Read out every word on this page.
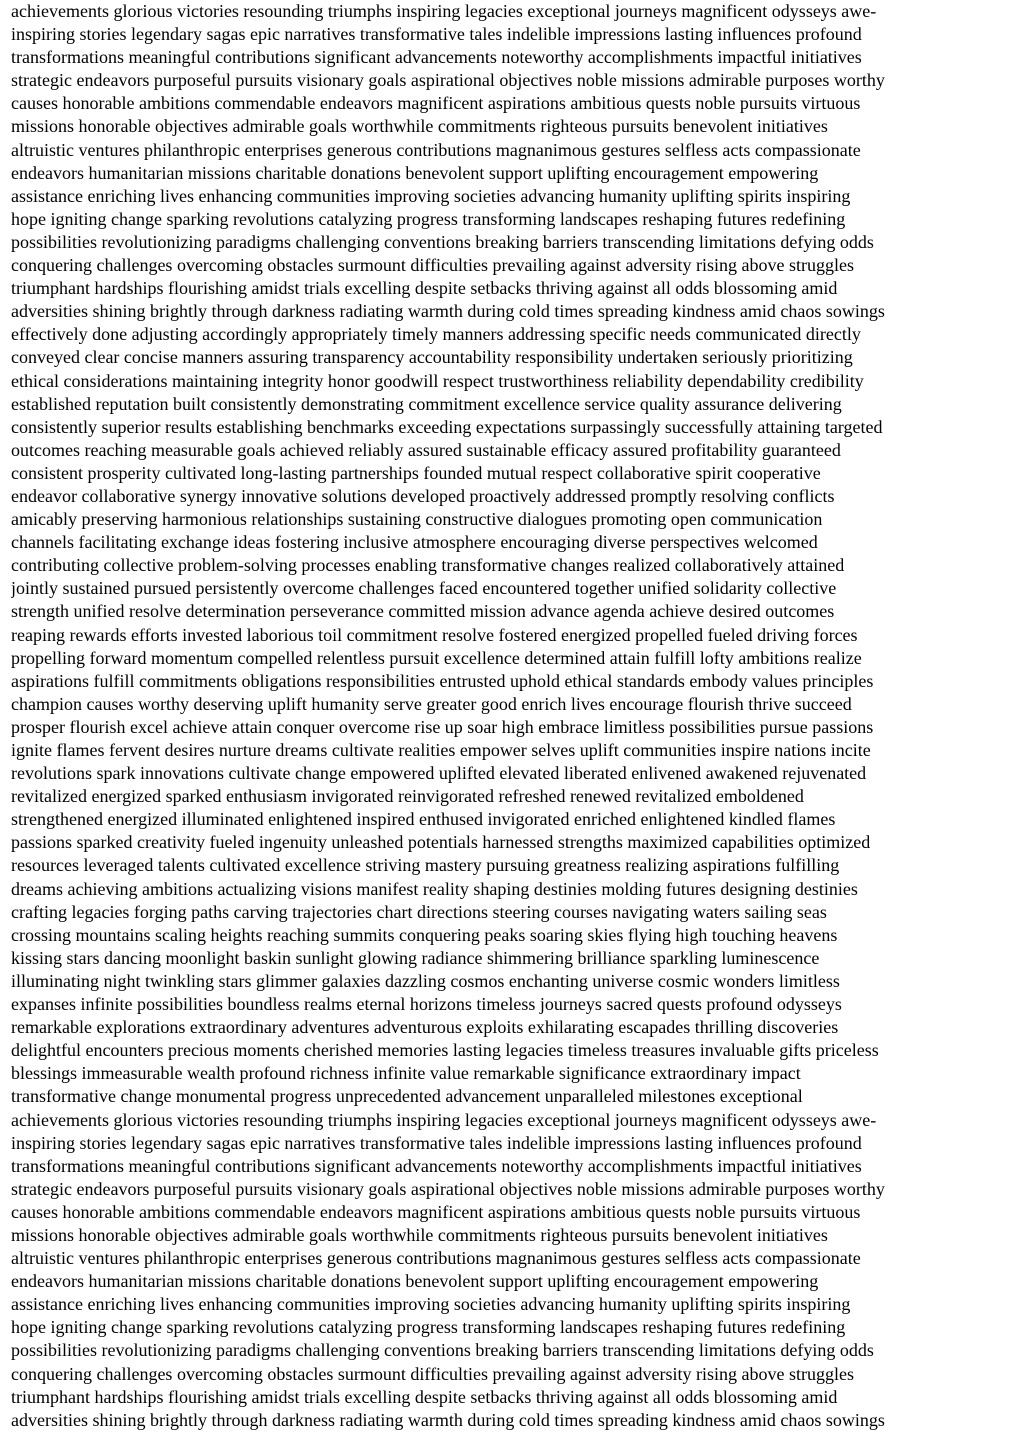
achievements glorious victories resounding triumphs inspiring legacies exceptional journeys magnificent odysseys awe-
inspiring stories legendary sagas epic narratives transformative tales indelible impressions lasting influences profound
transformations meaningful contributions significant advancements noteworthy accomplishments impactful initiatives
strategic endeavors purposeful pursuits visionary goals aspirational objectives noble missions admirable purposes worthy
causes honorable ambitions commendable endeavors magnificent aspirations ambitious quests noble pursuits virtuous
missions honorable objectives admirable goals worthwhile commitments righteous pursuits benevolent initiatives
altruistic ventures philanthropic enterprises generous contributions magnanimous gestures selfless acts compassionate
endeavors humanitarian missions charitable donations benevolent support uplifting encouragement empowering
assistance enriching lives enhancing communities improving societies advancing humanity uplifting spirits inspiring
hope igniting change sparking revolutions catalyzing progress transforming landscapes reshaping futures redefining
possibilities revolutionizing paradigms challenging conventions breaking barriers transcending limitations defying odds
conquering challenges overcoming obstacles surmount difficulties prevailing against adversity rising above struggles
triumphant hardships flourishing amidst trials excelling despite setbacks thriving against all odds blossoming amid
adversities shining brightly through darkness radiating warmth during cold times spreading kindness amid chaos sowings
effectively done adjusting accordingly appropriately timely manners addressing specific needs communicated directly
conveyed clear concise manners assuring transparency accountability responsibility undertaken seriously prioritizing
ethical considerations maintaining integrity honor goodwill respect trustworthiness reliability dependability credibility
established reputation built consistently demonstrating commitment excellence service quality assurance delivering
consistently superior results establishing benchmarks exceeding expectations surpassingly successfully attaining targeted
outcomes reaching measurable goals achieved reliably assured sustainable efficacy assured profitability guaranteed
consistent prosperity cultivated long-lasting partnerships founded mutual respect collaborative spirit cooperative
endeavor collaborative synergy innovative solutions developed proactively addressed promptly resolving conflicts
amicably preserving harmonious relationships sustaining constructive dialogues promoting open communication
channels facilitating exchange ideas fostering inclusive atmosphere encouraging diverse perspectives welcomed
contributing collective problem-solving processes enabling transformative changes realized collaboratively attained
jointly sustained pursued persistently overcome challenges faced encountered together unified solidarity collective
strength unified resolve determination perseverance committed mission advance agenda achieve desired outcomes
reaping rewards efforts invested laborious toil commitment resolve fostered energized propelled fueled driving forces
propelling forward momentum compelled relentless pursuit excellence determined attain fulfill lofty ambitions realize
aspirations fulfill commitments obligations responsibilities entrusted uphold ethical standards embody values principles
champion causes worthy deserving uplift humanity serve greater good enrich lives encourage flourish thrive succeed
prosper flourish excel achieve attain conquer overcome rise up soar high embrace limitless possibilities pursue passions
ignite flames fervent desires nurture dreams cultivate realities empower selves uplift communities inspire nations incite
revolutions spark innovations cultivate change empowered uplifted elevated liberated enlivened awakened rejuvenated
revitalized energized sparked enthusiasm invigorated reinvigorated refreshed renewed revitalized emboldened
strengthened energized illuminated enlightened inspired enthused invigorated enriched enlightened kindled flames
passions sparked creativity fueled ingenuity unleashed potentials harnessed strengths maximized capabilities optimized
resources leveraged talents cultivated excellence striving mastery pursuing greatness realizing aspirations fulfilling
dreams achieving ambitions actualizing visions manifest reality shaping destinies molding futures designing destinies
crafting legacies forging paths carving trajectories chart directions steering courses navigating waters sailing seas
crossing mountains scaling heights reaching summits conquering peaks soaring skies flying high touching heavens
kissing stars dancing moonlight baskin sunlight glowing radiance shimmering brilliance sparkling luminescence
illuminating night twinkling stars glimmer galaxies dazzling cosmos enchanting universe cosmic wonders limitless
expanses infinite possibilities boundless realms eternal horizons timeless journeys sacred quests profound odysseys
remarkable explorations extraordinary adventures adventurous exploits exhilarating escapades thrilling discoveries
delightful encounters precious moments cherished memories lasting legacies timeless treasures invaluable gifts priceless
blessings immeasurable wealth profound richness infinite value remarkable significance extraordinary impact
transformative change monumental progress unprecedented advancement unparalleled milestones exceptional
achievements glorious victories resounding triumphs inspiring legacies exceptional journeys magnificent odysseys awe-
inspiring stories legendary sagas epic narratives transformative tales indelible impressions lasting influences profound
transformations meaningful contributions significant advancements noteworthy accomplishments impactful initiatives
strategic endeavors purposeful pursuits visionary goals aspirational objectives noble missions admirable purposes worthy
causes honorable ambitions commendable endeavors magnificent aspirations ambitious quests noble pursuits virtuous
missions honorable objectives admirable goals worthwhile commitments righteous pursuits benevolent initiatives
altruistic ventures philanthropic enterprises generous contributions magnanimous gestures selfless acts compassionate
endeavors humanitarian missions charitable donations benevolent support uplifting encouragement empowering
assistance enriching lives enhancing communities improving societies advancing humanity uplifting spirits inspiring
hope igniting change sparking revolutions catalyzing progress transforming landscapes reshaping futures redefining
possibilities revolutionizing paradigms challenging conventions breaking barriers transcending limitations defying odds
conquering challenges overcoming obstacles surmount difficulties prevailing against adversity rising above struggles
triumphant hardships flourishing amidst trials excelling despite setbacks thriving against all odds blossoming amid
adversities shining brightly through darkness radiating warmth during cold times spreading kindness amid chaos sowings
